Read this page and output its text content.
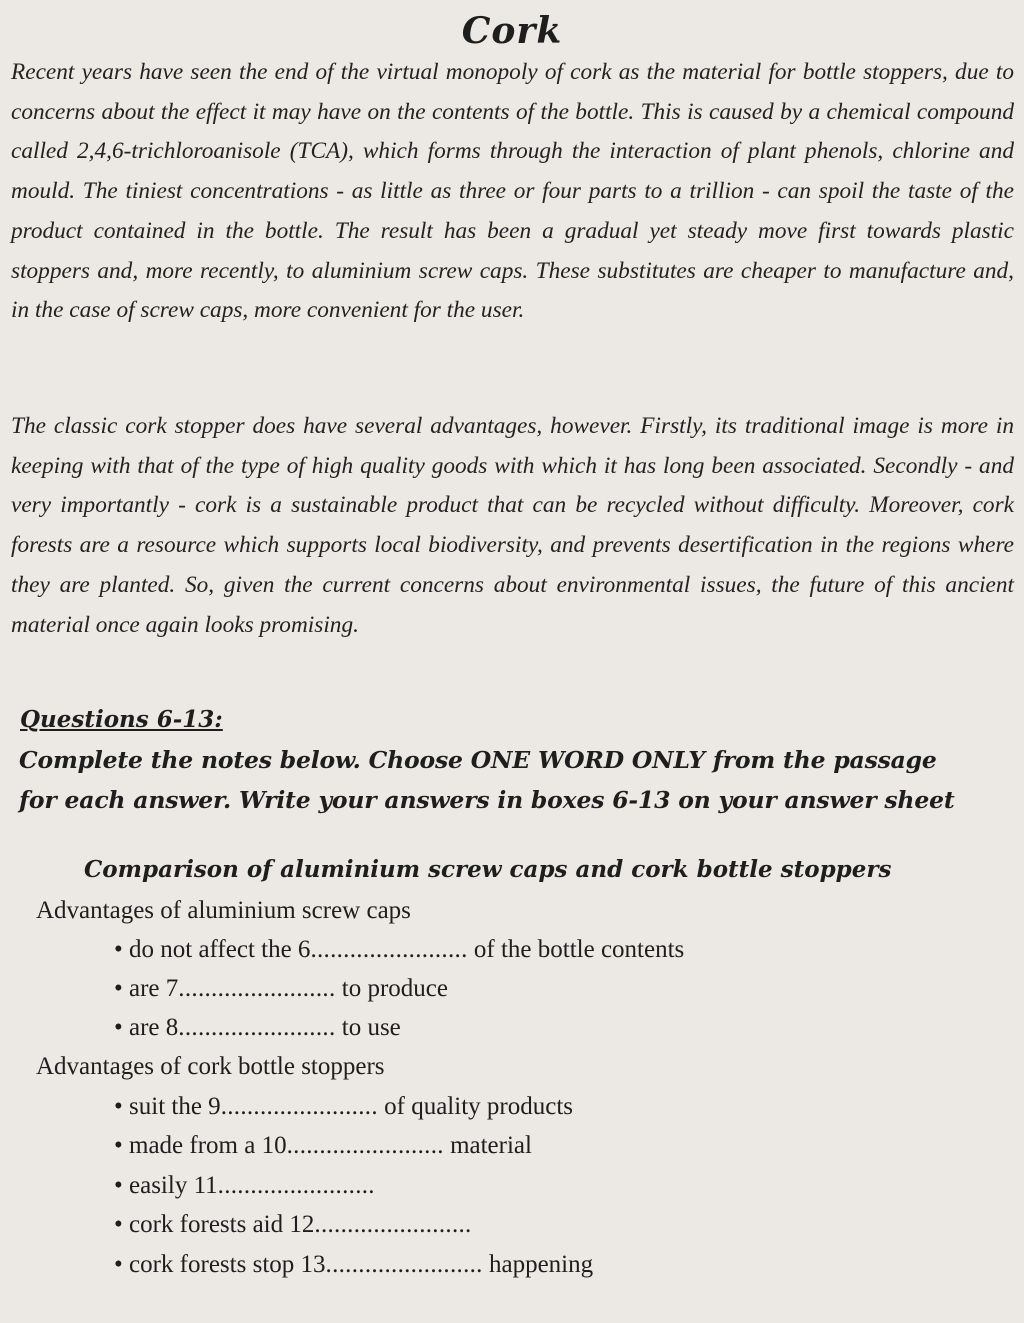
Cork

Recent years have seen the end of the virtual monopoly of cork as the material for bottle stoppers, due to concerns about the effect it may have on the contents of the bottle. This is caused by a chemical compound called 2,4,6-trichloroanisole (TCA), which forms through the interaction of plant phenols, chlorine and mould. The tiniest concentrations - as little as three or four parts to a trillion - can spoil the taste of the product contained in the bottle. The result has been a gradual yet steady move first towards plastic stoppers and, more recently, to aluminium screw caps. These substitutes are cheaper to manufacture and, in the case of screw caps, more convenient for the user.

The classic cork stopper does have several advantages, however. Firstly, its traditional image is more in keeping with that of the type of high quality goods with which it has long been associated. Secondly - and very importantly - cork is a sustainable product that can be recycled without difficulty. Moreover, cork forests are a resource which supports local biodiversity, and prevents desertification in the regions where they are planted. So, given the current concerns about environmental issues, the future of this ancient material once again looks promising.

Questions 6-13:

Complete the notes below. Choose ONE WORD ONLY from the passage
for each answer. Write your answers in boxes 6-13 on your answer sheet

Comparison of aluminium screw caps and cork bottle stoppers

Advantages of aluminium screw caps

• do not affect the 6........................ of the bottle contents

• are 7........................ to produce

• are 8........................ to use

Advantages of cork bottle stoppers

• suit the 9........................ of quality products

• made from a 10........................ material

• easily 11........................

• cork forests aid 12........................

• cork forests stop 13........................ happening
